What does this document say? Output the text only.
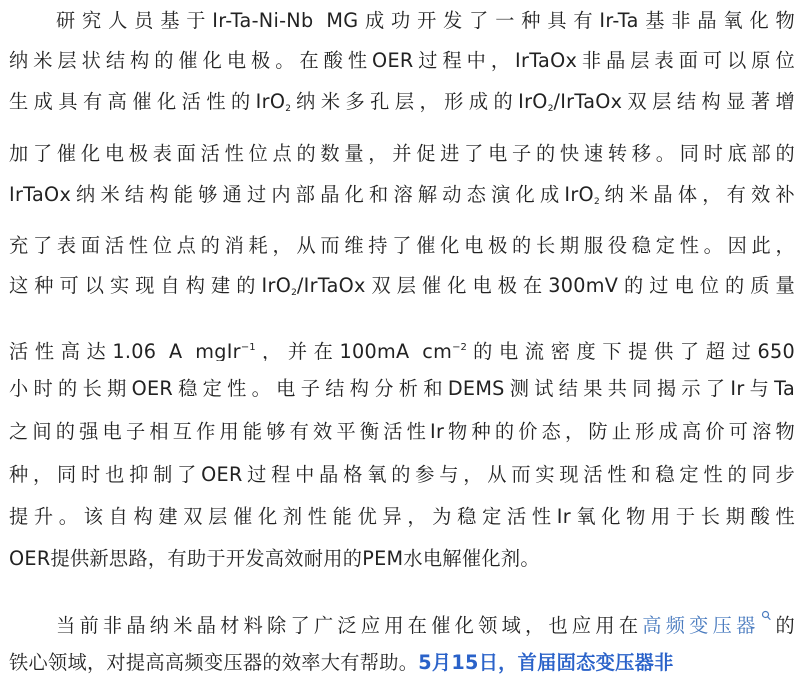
研究人员基于Ir-Ta-Ni-Nb MG成功开发了一种具有Ir-Ta基非晶氧化物
纳米层状结构的催化电极。在酸性OER过程中，IrTaOx非晶层表面可以原位
生成具有高催化活性的IrO$_2$纳米多孔层，形成的IrO$_2$/IrTaOx双层结构显著增
加了催化电极表面活性位点的数量，并促进了电子的快速转移。同时底部的
IrTaOx纳米结构能够通过内部晶化和溶解动态演化成IrO$_2$纳米晶体，有效补
充了表面活性位点的消耗，从而维持了催化电极的长期服役稳定性。因此，
这种可以实现自构建的IrO$_2$/IrTaOx双层催化电极在300mV的过电位的质量
活性高达1.06 A mgIr$^{-1}$，并在100mA $cm^{-2}$的电流密度下提供了超过650
小时的长期OER稳定性。电子结构分析和DEMS测试结果共同揭示了Ir与Ta
之间的强电子相互作用能够有效平衡活性Ir物种的价态，防止形成高价可溶物
种，同时也抑制了OER过程中晶格氧的参与，从而实现活性和稳定性的同步
提升。该自构建双层催化剂性能优异，为稳定活性Ir氧化物用于长期酸性
OER提供新思路，有助于开发高效耐用的PEM水电解催化剂。
当前非晶纳米晶材料除了广泛应用在催化领域，也应用在高频变压器 的
铁心领域，对提高高频变压器的效率大有帮助。5月15日，首届固态变压器非
